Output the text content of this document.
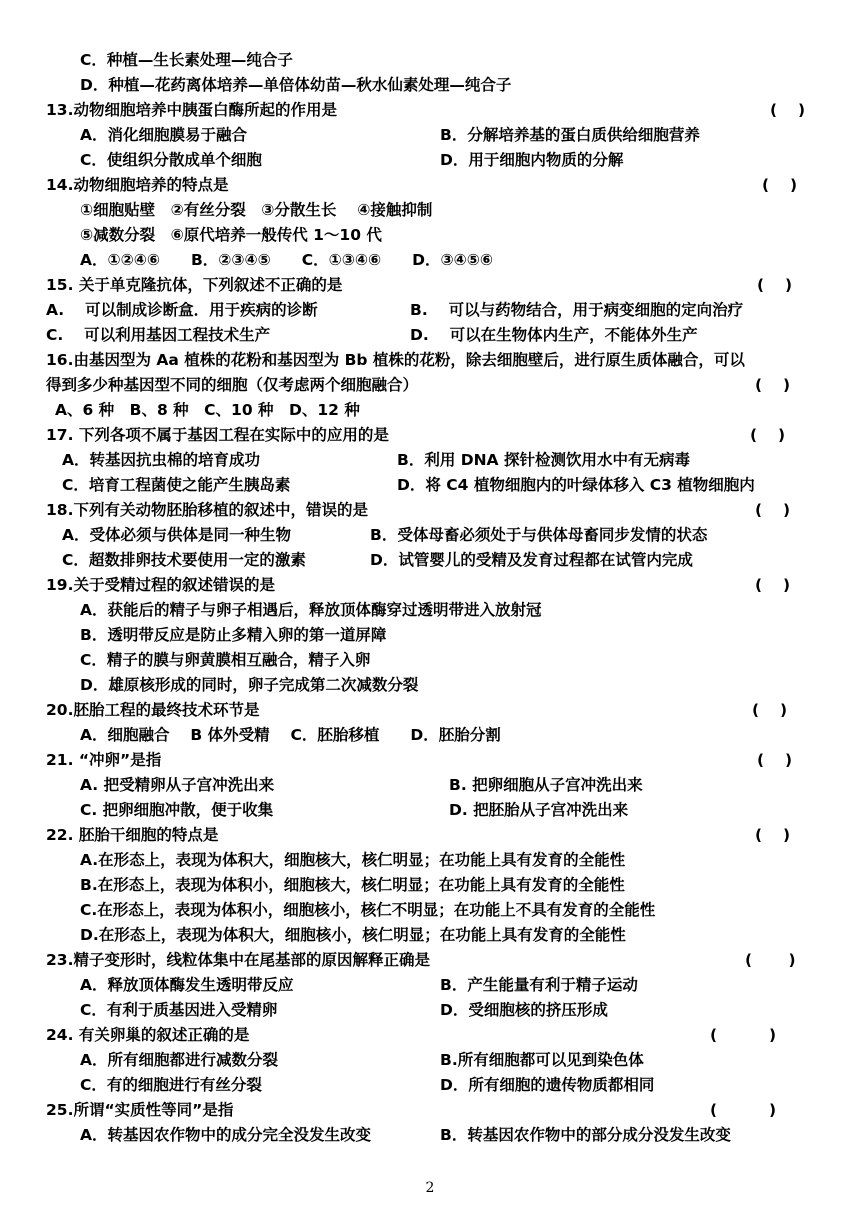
C．种植—生长素处理—纯合子
D．种植—花药离体培养—单倍体幼苗—秋水仙素处理—纯合子
13.动物细胞培养中胰蛋白酶所起的作用是	(　 )
A．消化细胞膜易于融合	B．分解培养基的蛋白质供给细胞营养
C．使组织分散成单个细胞	D．用于细胞内物质的分解
14.动物细胞培养的特点是	(　 )
①细胞贴壁　②有丝分裂　③分散生长　 ④接触抑制
⑤减数分裂　⑥原代培养一般传代 1～10 代
A．①②④⑥　　B．②③④⑤　　C．①③④⑥　　D．③④⑤⑥
15. 关于单克隆抗体，下列叙述不正确的是	(　 )
A.　 可以制成诊断盒．用于疾病的诊断	B.　 可以与药物结合，用于病变细胞的定向治疗
C.　 可以利用基因工程技术生产	D.　 可以在生物体内生产，不能体外生产
16.由基因型为 Aa 植株的花粉和基因型为 Bb 植株的花粉，除去细胞壁后，进行原生质体融合，可以
得到多少种基因型不同的细胞（仅考虑两个细胞融合）	(　 )
A、6 种　B、8 种　C、10 种　D、12 种
17. 下列各项不属于基因工程在实际中的应用的是	(　 )
A．转基因抗虫棉的培育成功	B．利用 DNA 探针检测饮用水中有无病毒
C．培育工程菌使之能产生胰岛素	D．将 C4 植物细胞内的叶绿体移入 C3 植物细胞内
18.下列有关动物胚胎移植的叙述中，错误的是	(　 )
A．受体必须与供体是同一种生物	B．受体母畜必须处于与供体母畜同步发情的状态
C．超数排卵技术要使用一定的激素	D．试管婴儿的受精及发育过程都在试管内完成
19.关于受精过程的叙述错误的是	(　 )
A．获能后的精子与卵子相遇后，释放顶体酶穿过透明带进入放射冠
B．透明带反应是防止多精入卵的第一道屏障
C．精子的膜与卵黄膜相互融合，精子入卵
D．雄原核形成的同时，卵子完成第二次减数分裂
20.胚胎工程的最终技术环节是	(　 )
A．细胞融合　 B 体外受精　 C．胚胎移植　　D．胚胎分割
21. “冲卵”是指	(　 )
A. 把受精卵从子宫冲洗出来	B. 把卵细胞从子宫冲洗出来
C. 把卵细胞冲散，便于收集	D. 把胚胎从子宫冲洗出来
22. 胚胎干细胞的特点是	(　 )
A.在形态上，表现为体积大，细胞核大，核仁明显；在功能上具有发育的全能性
B.在形态上，表现为体积小，细胞核大，核仁明显；在功能上具有发育的全能性
C.在形态上，表现为体积小，细胞核小，核仁不明显；在功能上不具有发育的全能性
D.在形态上，表现为体积大，细胞核小，核仁明显；在功能上具有发育的全能性
23.精子变形时，线粒体集中在尾基部的原因解释正确是	(　　 )
A．释放顶体酶发生透明带反应	B．产生能量有利于精子运动
C．有利于质基因进入受精卵	D．受细胞核的挤压形成
24. 有关卵巢的叙述正确的是	(　　　 )
A．所有细胞都进行减数分裂	B.所有细胞都可以见到染色体
C．有的细胞进行有丝分裂	D．所有细胞的遗传物质都相同
25.所谓“实质性等同”是指	(　　　 )
A．转基因农作物中的成分完全没发生改变	B．转基因农作物中的部分成分没发生改变
2
